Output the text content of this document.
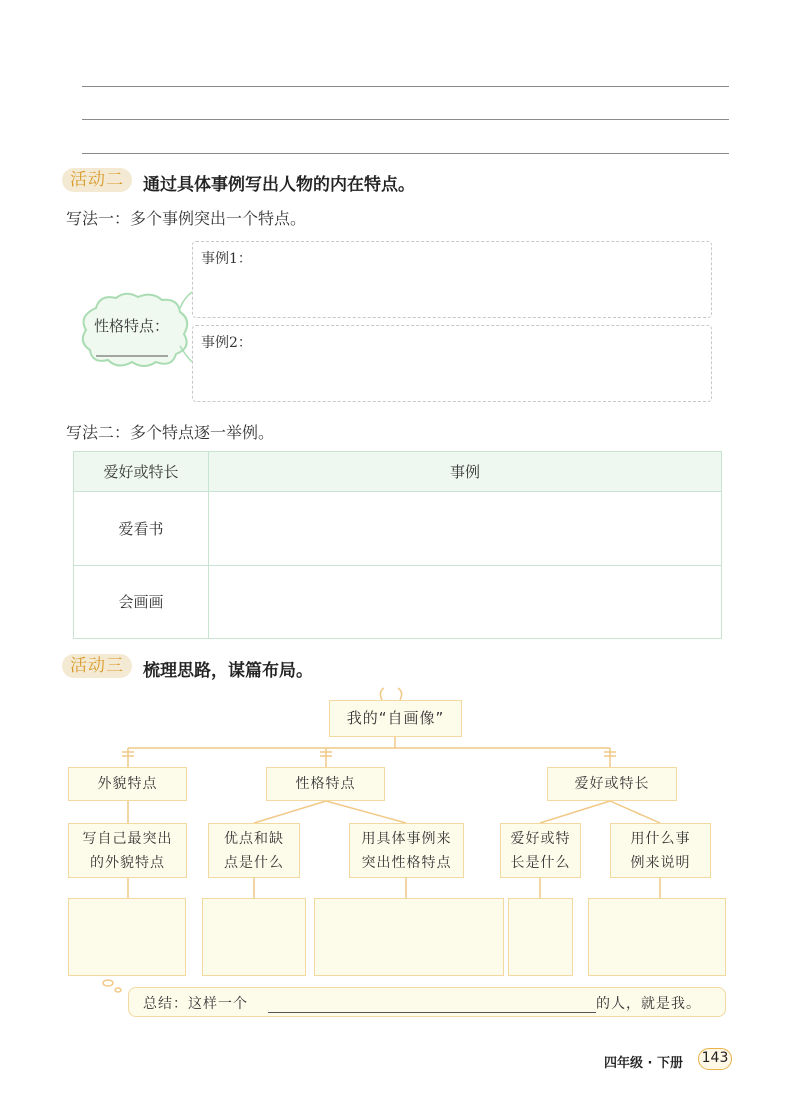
活动二	通过具体事例写出人物的内在特点。
写法一：多个事例突出一个特点。
性格特点：
事例1：
事例2：
写法二：多个特点逐一举例。
爱好或特长	事例
爱看书	
会画画	
活动三	梳理思路，谋篇布局。
我的“自画像”
外貌特点	性格特点	爱好或特长
写自己最突出
的外貌特点
优点和缺
点是什么
用具体事例来
突出性格特点
爱好或特
长是什么
用什么事
例来说明
总结：这样一个	的人，就是我。
四年级 · 下册 143
